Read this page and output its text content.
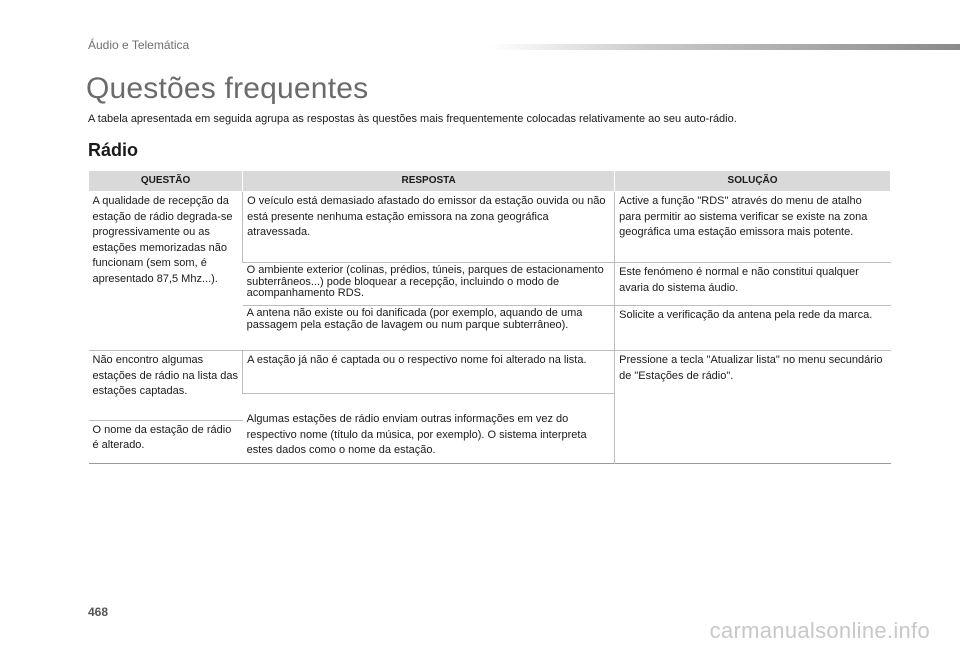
Áudio e Telemática
Questões frequentes

A tabela apresentada em seguida agrupa as respostas às questões mais frequentemente colocadas relativamente ao seu auto-rádio.

Rádio
QUESTÃO	RESPOSTA	SOLUÇÃO
A qualidade de recepção da estação de rádio degrada-se progressivamente ou as estações memorizadas não funcionam (sem som, é apresentado 87,5 Mhz...).	O veículo está demasiado afastado do emissor da estação ouvida ou não está presente nenhuma estação emissora na zona geográfica atravessada.	Active a função "RDS" através do menu de atalho para permitir ao sistema verificar se existe na zona geográfica uma estação emissora mais potente.
	O ambiente exterior (colinas, prédios, túneis, parques de estacionamento subterrâneos...) pode bloquear a recepção, incluindo o modo de acompanhamento RDS.	Este fenómeno é normal e não constitui qualquer avaria do sistema áudio.
	A antena não existe ou foi danificada (por exemplo, aquando de uma passagem pela estação de lavagem ou num parque subterrâneo).	Solicite a verificação da antena pela rede da marca.
Não encontro algumas estações de rádio na lista das estações captadas.	A estação já não é captada ou o respectivo nome foi alterado na lista.	Pressione a tecla "Atualizar lista" no menu secundário de "Estações de rádio".
	Algumas estações de rádio enviam outras informações em vez do respectivo nome (título da música, por exemplo). O sistema interpreta estes dados como o nome da estação.	
O nome da estação de rádio é alterado.		
468
carmanualsonline.info
